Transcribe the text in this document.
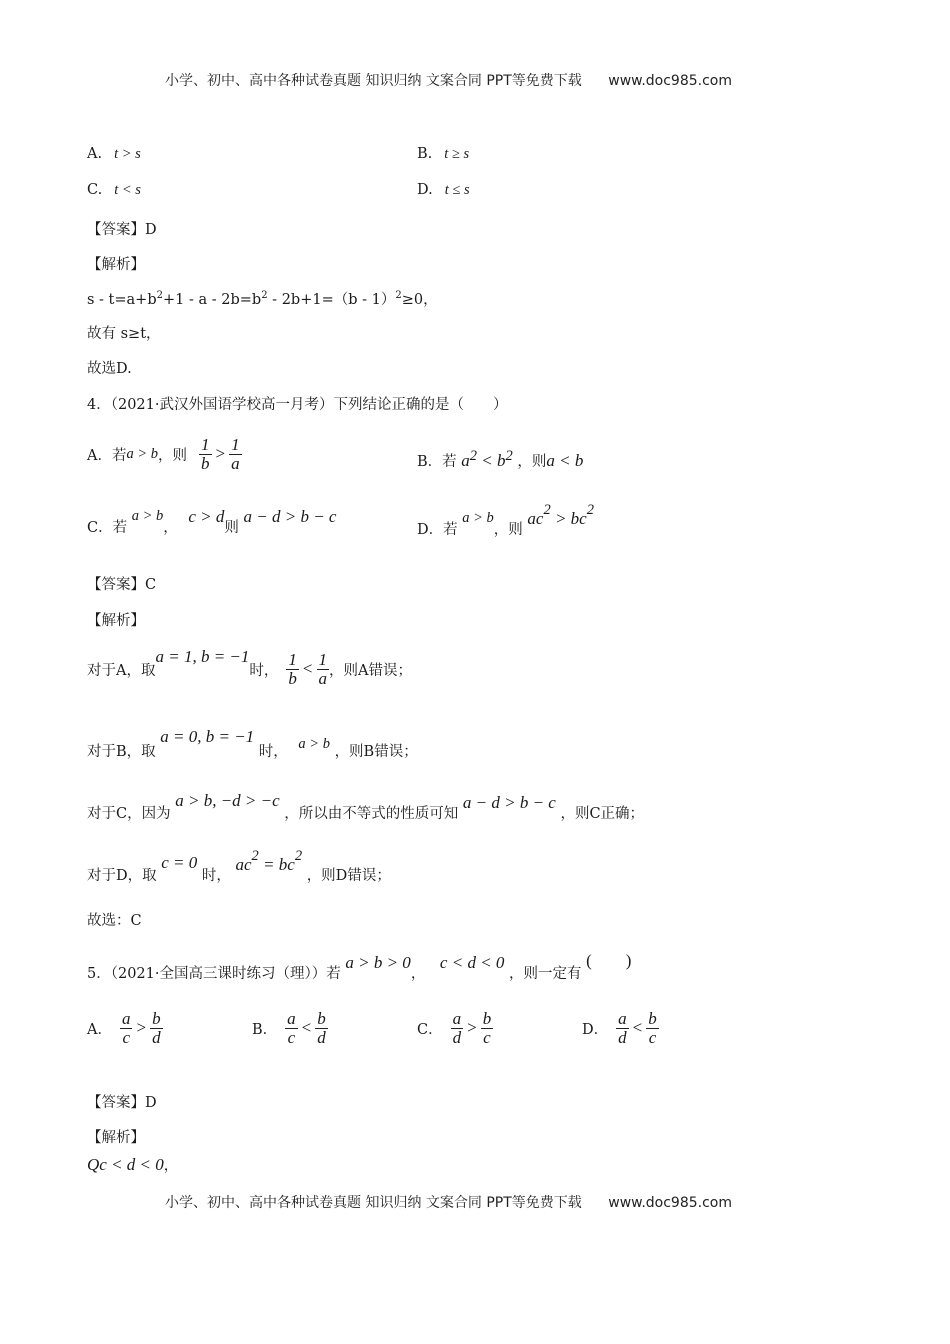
小学、初中、高中各种试卷真题 知识归纳 文案合同 PPT等免费下载 www.doc985.com
A. t > s	B. t ≥ s
C. t < s	D. t ≤ s
【答案】D
【解析】
$s - t=a+b^2+1 - a - 2b=b^2 - 2b+1=(b - 1)^2\ge 0$，
故有 s≥t，
故选D.
4．（2021·武汉外国语学校高一月考）下列结论正确的是（　　）
A． 若 a > b ，则 $\frac{1}{b} > \frac{1}{a}$	B．若 $a^2 < b^2$ ，则a < b
C．若 a > b， c > d则 a − d > b − c
D．若 a > b，则 $ac^2 > bc^2$
【答案】C
【解析】
对于A，取
a = 1, b = −1
时， $\frac{1}{b} < \frac{1}{a}$ ，则A错误；
对于B，取 a = 0, b = −1 时， a > b ，则B错误；
对于C，因为 a > b, −d > −c ，所以由不等式的性质可知 a − d > b − c ，则C正确；
对于D，取 c = 0 时， $ac^2 = bc^2$ ，则D错误；
故选：C
5．（2021·全国高三课时练习（理））若 a > b > 0， c < d < 0 ，则一定有 (　　)
A． $\frac{a}{c} > \frac{b}{d}$	B． $\frac{a}{c} < \frac{b}{d}$	C． $\frac{a}{d} > \frac{b}{c}$	D． $\frac{a}{d} < \frac{b}{c}$
【答案】D
【解析】
Qc < d < 0，
小学、初中、高中各种试卷真题 知识归纳 文案合同 PPT等免费下载 www.doc985.com
